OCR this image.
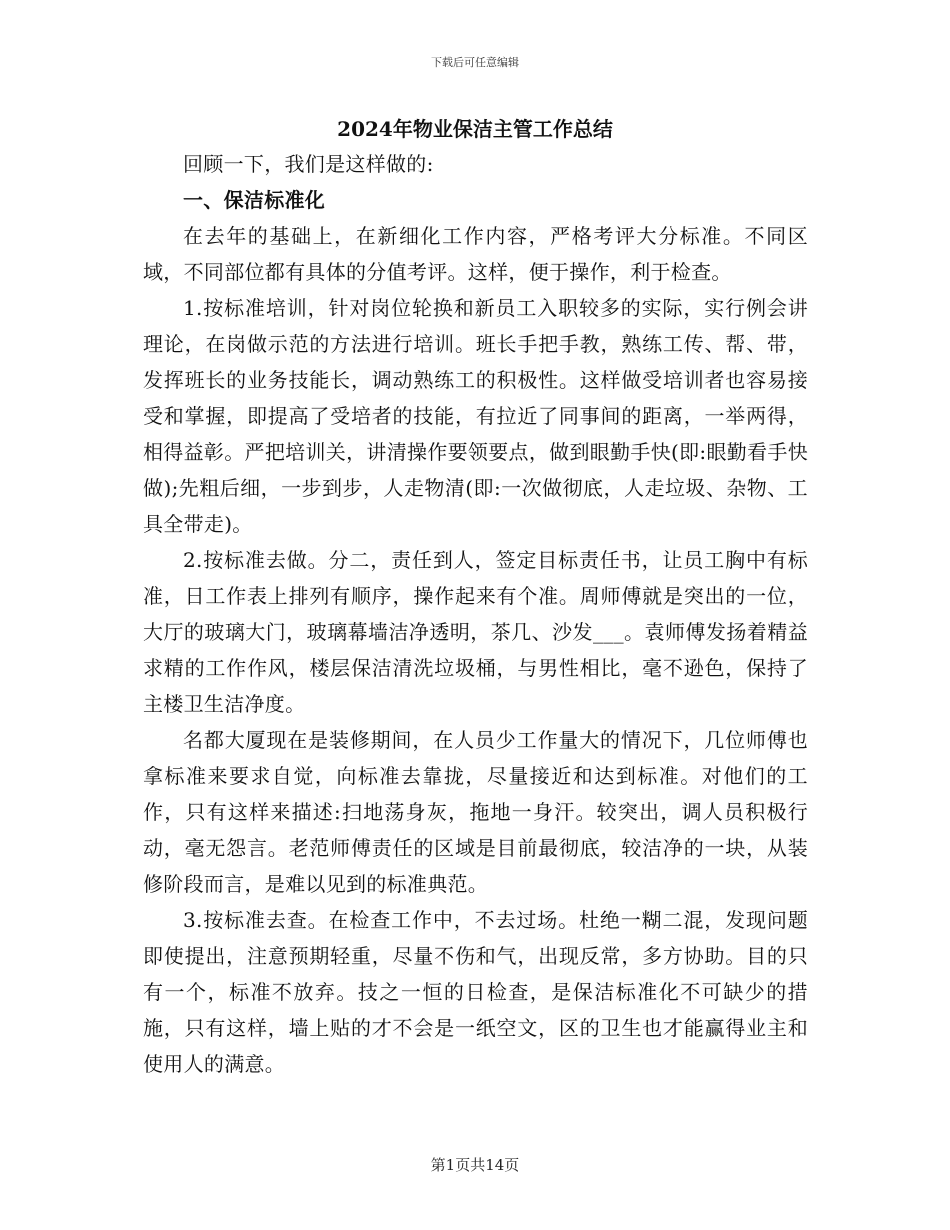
下载后可任意编辑
2024年物业保洁主管工作总结

回顾一下，我们是这样做的:

一、保洁标准化

在去年的基础上，在新细化工作内容，严格考评大分标准。不同区域，不同部位都有具体的分值考评。这样，便于操作，利于检查。

1.按标准培训，针对岗位轮换和新员工入职较多的实际，实行例会讲理论，在岗做示范的方法进行培训。班长手把手教，熟练工传、帮、带，发挥班长的业务技能长，调动熟练工的积极性。这样做受培训者也容易接受和掌握，即提高了受培者的技能，有拉近了同事间的距离，一举两得，相得益彰。严把培训关，讲清操作要领要点，做到眼勤手快(即:眼勤看手快做);先粗后细，一步到步，人走物清(即:一次做彻底，人走垃圾、杂物、工具全带走)。

2.按标准去做。分二，责任到人，签定目标责任书，让员工胸中有标准，日工作表上排列有顺序，操作起来有个准。周师傅就是突出的一位，大厅的玻璃大门，玻璃幕墙洁净透明，茶几、沙发___。袁师傅发扬着精益求精的工作作风，楼层保洁清洗垃圾桶，与男性相比，毫不逊色，保持了主楼卫生洁净度。

名都大厦现在是装修期间，在人员少工作量大的情况下，几位师傅也拿标准来要求自觉，向标准去靠拢，尽量接近和达到标准。对他们的工作，只有这样来描述:扫地荡身灰，拖地一身汗。较突出，调人员积极行动，毫无怨言。老范师傅责任的区域是目前最彻底，较洁净的一块，从装修阶段而言，是难以见到的标准典范。

3.按标准去查。在检查工作中，不去过场。杜绝一糊二混，发现问题即使提出，注意预期轻重，尽量不伤和气，出现反常，多方协助。目的只有一个，标准不放弃。技之一恒的日检查，是保洁标准化不可缺少的措施，只有这样，墙上贴的才不会是一纸空文，区的卫生也才能赢得业主和使用人的满意。

第1页共14页
